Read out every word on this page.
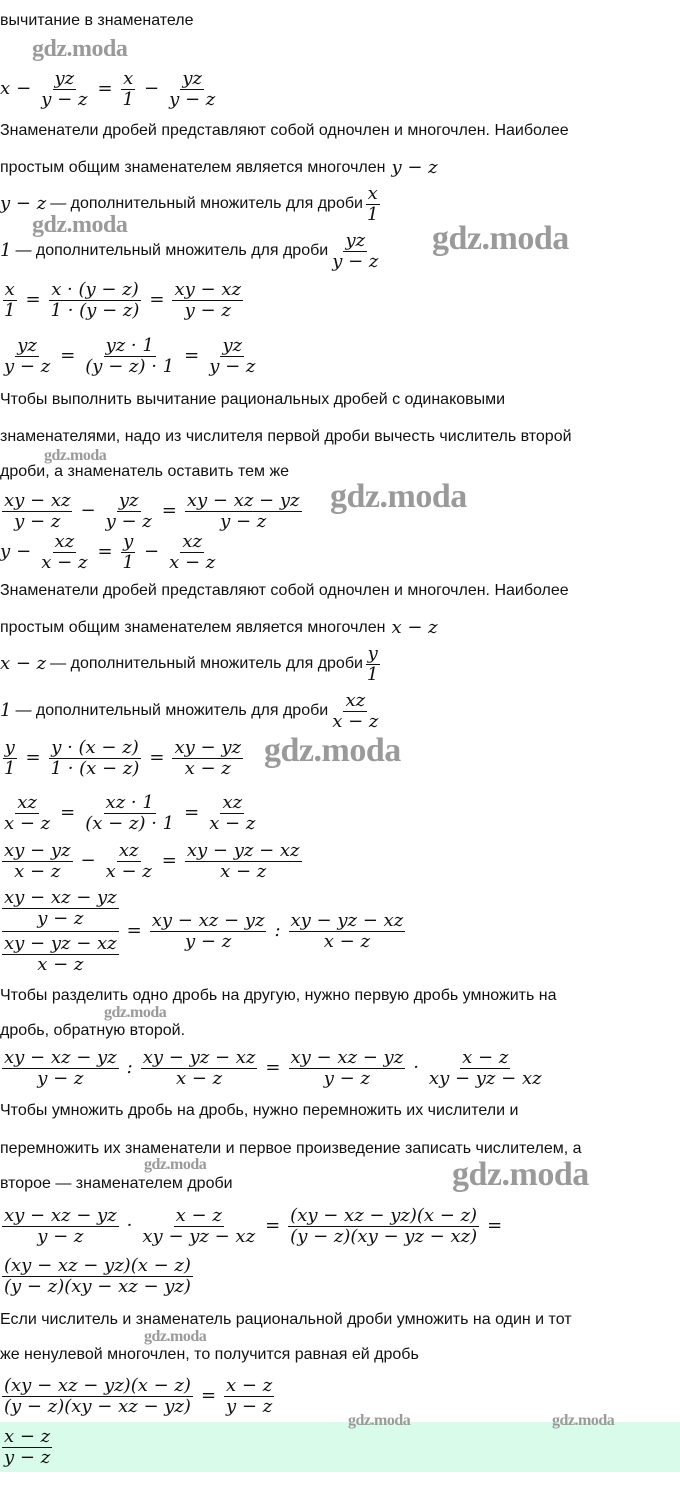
gdz.moda
gdz.moda	gdz.moda
gdz.moda
gdz.moda
gdz.moda
gdz.moda
gdz.moda	gdz.moda
gdz.moda
gdz.moda	gdz.moda
вычитание в знаменателе
$x - \frac{yz}{y - z} = \frac{x}{1} - \frac{yz}{y - z}$
Знаменатели дробей представляют собой одночлен и многочлен. Наиболее
простым общим знаменателем является многочлен y − z
y − z — дополнительный множитель для дроби $\frac{x}{1}$
1 — дополнительный множитель для дроби $\frac{yz}{y - z}$
$\frac{x}{1} = \frac{x \cdot (y - z)}{1 \cdot (y - z)} = \frac{xy - xz}{y - z}$
$\frac{yz}{y - z} = \frac{yz \cdot 1}{(y - z) \cdot 1} = \frac{yz}{y - z}$
Чтобы выполнить вычитание рациональных дробей с одинаковыми
знаменателями, надо из числителя первой дроби вычесть числитель второй
дроби, а знаменатель оставить тем же
$\frac{xy - xz}{y - z} - \frac{yz}{y - z} = \frac{xy - xz - yz}{y - z}$
$y - \frac{xz}{x - z} = \frac{y}{1} - \frac{xz}{x - z}$
Знаменатели дробей представляют собой одночлен и многочлен. Наиболее
простым общим знаменателем является многочлен x − z
x − z — дополнительный множитель для дроби $\frac{y}{1}$
1 — дополнительный множитель для дроби $\frac{xz}{x - z}$
$\frac{y}{1} = \frac{y \cdot (x - z)}{1 \cdot (x - z)} = \frac{xy - yz}{x - z}$
$\frac{xz}{x - z} = \frac{xz \cdot 1}{(x - z) \cdot 1} = \frac{xz}{x - z}$
$\frac{xy - yz}{x - z} - \frac{xz}{x - z} = \frac{xy - yz - xz}{x - z}$
$\frac{xy - xz - yz}{y - z}$
$\frac{xy - yz - xz}{x - z}$
= $\frac{xy - xz - yz}{y - z}$ : $\frac{xy - yz - xz}{x - z}$
Чтобы разделить одно дробь на другую, нужно первую дробь умножить на
дробь, обратную второй.
$\frac{xy - xz - yz}{y - z}$ : $\frac{xy - yz - xz}{x - z} = \frac{xy - xz - yz}{y - z} \cdot \frac{x - z}{xy - yz - xz}$
Чтобы умножить дробь на дробь, нужно перемножить их числители и
перемножить их знаменатели и первое произведение записать числителем, а
второе — знаменателем дроби
$\frac{xy - xz - yz}{y - z} \cdot \frac{x - z}{xy - yz - xz} = \frac{(xy - xz - yz)(x - z)}{(y - z)(xy - yz - xz)}$ =
$\frac{(xy - xz - yz)(x - z)}{(y - z)(xy - xz - yz)}$
Если числитель и знаменатель рациональной дроби умножить на один и тот
же ненулевой многочлен, то получится равная ей дробь
$\frac{(xy - xz - yz)(x - z)}{(y - z)(xy - xz - yz)} = \frac{x - z}{y - z}$
$\frac{x - z}{y - z}$
